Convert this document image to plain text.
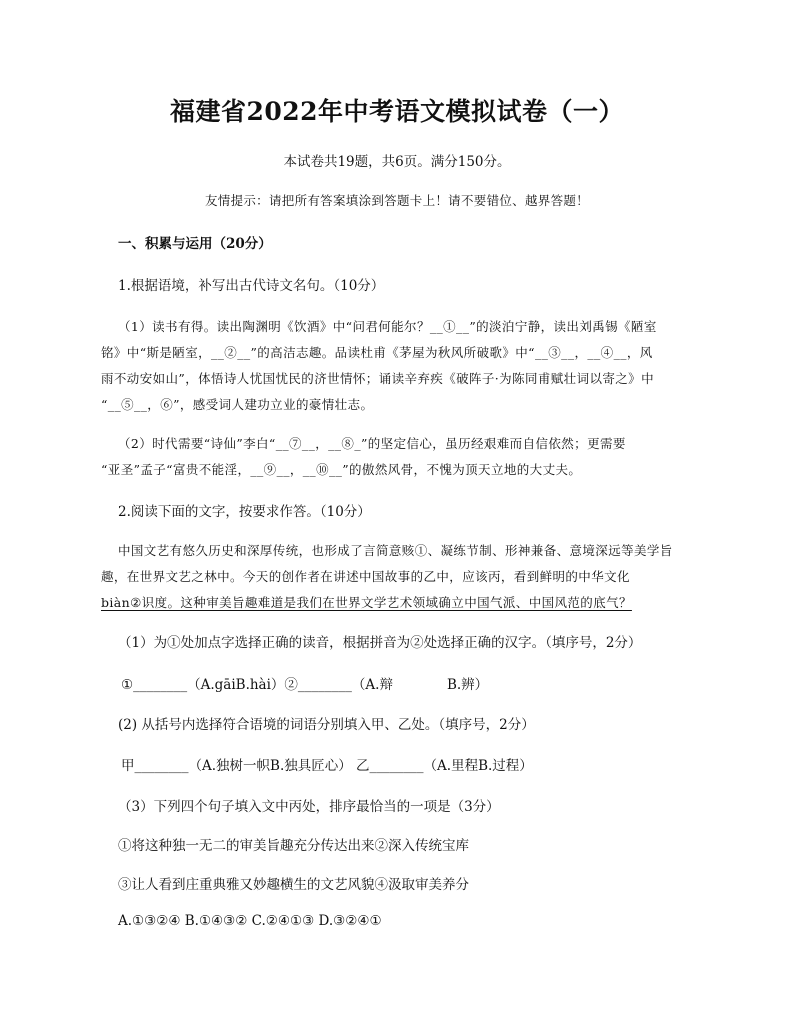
福建省2022年中考语文模拟试卷（一）
本试卷共19题，共6页。满分150分。
友情提示：请把所有答案填涂到答题卡上！请不要错位、越界答题！
一、积累与运用（20分）
1.根据语境，补写出古代诗文名句。（10分）
（1）读书有得。读出陶渊明《饮酒》中“问君何能尔？__①__”的淡泊宁静，读出刘禹锡《陋室
铭》中“斯是陋室，__②__”的高洁志趣。品读杜甫《茅屋为秋风所破歌》中“__③__，__④__，风
雨不动安如山”，体悟诗人忧国忧民的济世情怀；诵读辛弃疾《破阵子·为陈同甫赋壮词以寄之》中
“__⑤__，⑥”，感受词人建功立业的豪情壮志。
（2）时代需要“诗仙”李白“__⑦__，__⑧_”的坚定信心，虽历经艰难而自信依然；更需要
“亚圣”孟子“富贵不能淫，__⑨__，__⑩__”的傲然风骨，不愧为顶天立地的大丈夫。
2.阅读下面的文字，按要求作答。（10分）
中国文艺有悠久历史和深厚传统，也形成了言简意赅①、凝练节制、形神兼备、意境深远等美学旨
趣，在世界文艺之林中。今天的创作者在讲述中国故事的乙中，应该丙，看到鲜明的中华文化
biàn②识度。这种审美旨趣难道是我们在世界文学艺术领域确立中国气派、中国风范的底气？
（1）为①处加点字选择正确的读音，根据拼音为②处选择正确的汉字。（填序号，2分）
①________（A.gāiB.hài）②________（A.辩　　　　B.辨）
(2) 从括号内选择符合语境的词语分别填入甲、乙处。（填序号，2分）
甲________（A.独树一帜B.独具匠心） 乙________（A.里程B.过程）
（3）下列四个句子填入文中丙处，排序最恰当的一项是（3分）
①将这种独一无二的审美旨趣充分传达出来②深入传统宝库
③让人看到庄重典雅又妙趣横生的文艺风貌④汲取审美养分
A.①③②④ B.①④③② C.②④①③ D.③②④①
